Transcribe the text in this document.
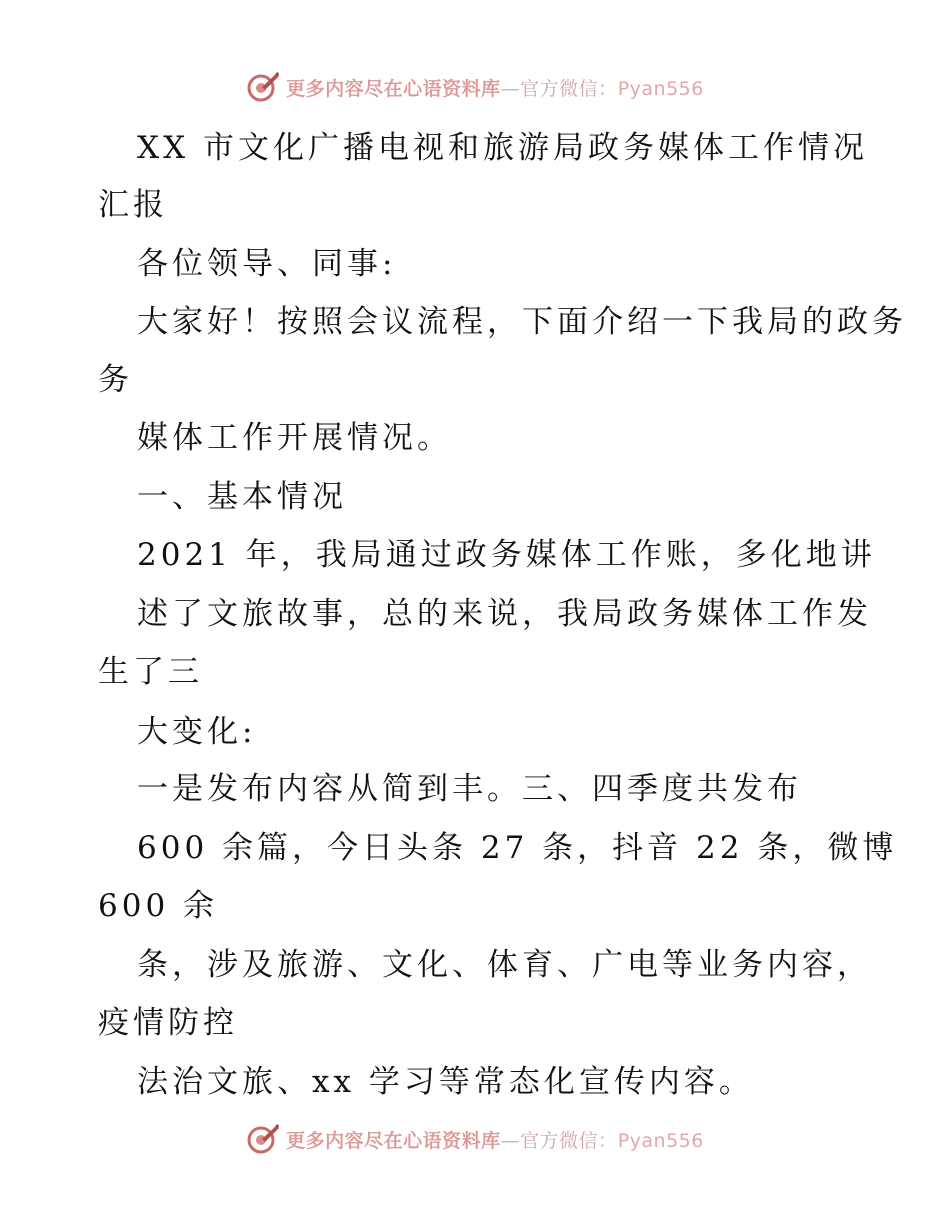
更多内容尽在心语资料库—官方微信：Pyan556
XX 市文化广播电视和旅游局政务媒体工作情况
汇报
各位领导、同事:
大家好！按照会议流程，下面介绍一下我局的政务
务
媒体工作开展情况。
一、基本情况
2021 年，我局通过政务媒体工作账，多化地讲
述了文旅故事，总的来说，我局政务媒体工作发
生了三
大变化:
一是发布内容从简到丰。三、四季度共发布
600 余篇，今日头条 27 条，抖音 22 条，微博
600 余
条，涉及旅游、文化、体育、广电等业务内容，
疫情防控
法治文旅、xx 学习等常态化宣传内容。
更多内容尽在心语资料库—官方微信：Pyan556
